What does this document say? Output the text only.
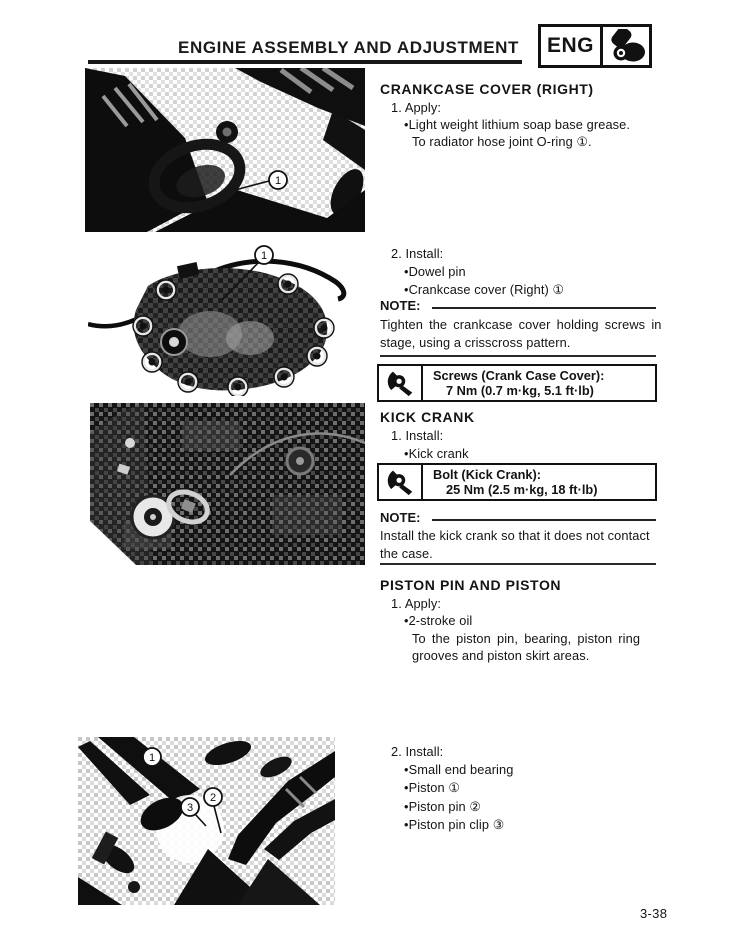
ENGINE ASSEMBLY AND ADJUSTMENT ENG
1
1
1
2
3
CRANKCASE COVER (RIGHT)
1. Apply:
•Light weight lithium soap base grease.
To radiator hose joint O-ring ①.
2. Install:
•Dowel pin
•Crankcase cover (Right) ①
NOTE:
Tighten the crankcase cover holding screws in
stage, using a crisscross pattern.
Screws (Crank Case Cover):
7 Nm (0.7 m·kg, 5.1 ft·lb)
KICK CRANK
1. Install:
•Kick crank
Bolt (Kick Crank):
25 Nm (2.5 m·kg, 18 ft·lb)
NOTE:
Install the kick crank so that it does not contact
the case.
PISTON PIN AND PISTON
1. Apply:
•2-stroke oil
To the piston pin, bearing, piston ring
grooves and piston skirt areas.
2. Install:
•Small end bearing
•Piston ①
•Piston pin ②
•Piston pin clip ③
3-38
